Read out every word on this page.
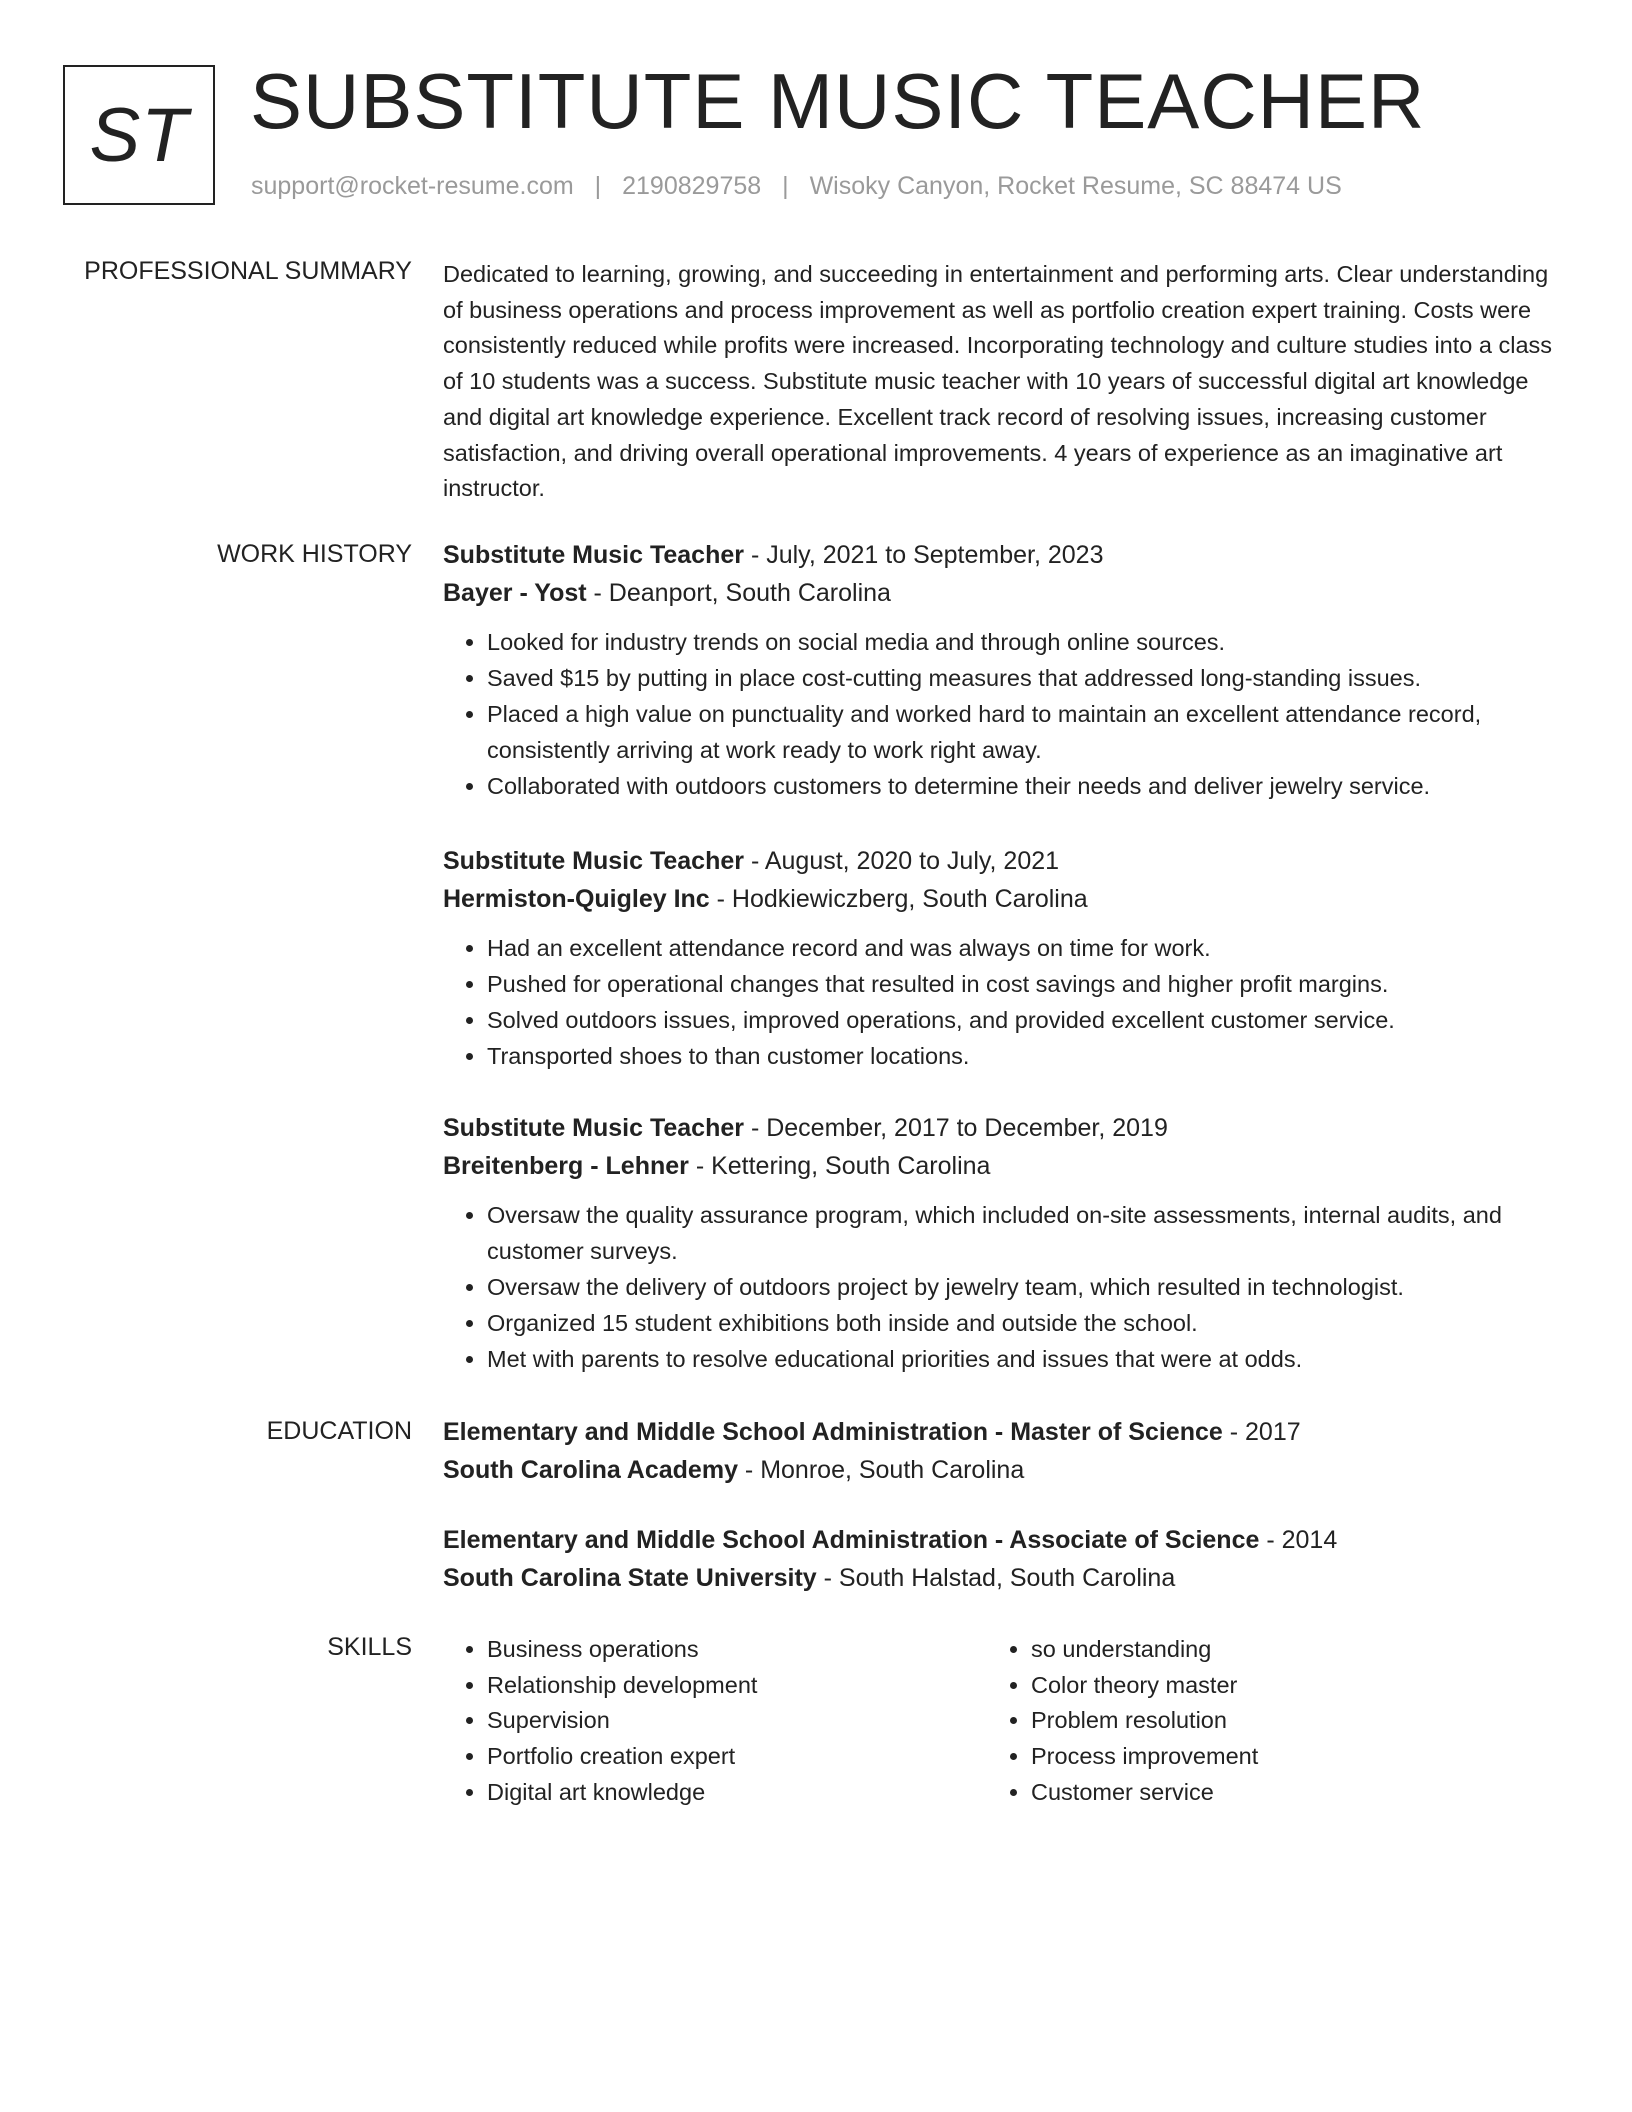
ST SUBSTITUTE MUSIC TEACHER
support@rocket-resume.com | 2190829758 | Wisoky Canyon, Rocket Resume, SC 88474 US
PROFESSIONAL SUMMARY Dedicated to learning, growing, and succeeding in entertainment and performing arts. Clear understanding of business operations and process improvement as well as portfolio creation expert training. Costs were consistently reduced while profits were increased. Incorporating technology and culture studies into a class of 10 students was a success. Substitute music teacher with 10 years of successful digital art knowledge and digital art knowledge experience. Excellent track record of resolving issues, increasing customer satisfaction, and driving overall operational improvements. 4 years of experience as an imaginative art instructor.
WORK HISTORY Substitute Music Teacher - July, 2021 to September, 2023
Bayer - Yost - Deanport, South Carolina
• Looked for industry trends on social media and through online sources.
• Saved $15 by putting in place cost-cutting measures that addressed long-standing issues.
• Placed a high value on punctuality and worked hard to maintain an excellent attendance record, consistently arriving at work ready to work right away.
• Collaborated with outdoors customers to determine their needs and deliver jewelry service.
Substitute Music Teacher - August, 2020 to July, 2021
Hermiston-Quigley Inc - Hodkiewiczberg, South Carolina
• Had an excellent attendance record and was always on time for work.
• Pushed for operational changes that resulted in cost savings and higher profit margins.
• Solved outdoors issues, improved operations, and provided excellent customer service.
• Transported shoes to than customer locations.
Substitute Music Teacher - December, 2017 to December, 2019
Breitenberg - Lehner - Kettering, South Carolina
• Oversaw the quality assurance program, which included on-site assessments, internal audits, and customer surveys.
• Oversaw the delivery of outdoors project by jewelry team, which resulted in technologist.
• Organized 15 student exhibitions both inside and outside the school.
• Met with parents to resolve educational priorities and issues that were at odds.
EDUCATION Elementary and Middle School Administration - Master of Science - 2017
South Carolina Academy - Monroe, South Carolina
Elementary and Middle School Administration - Associate of Science - 2014
South Carolina State University - South Halstad, South Carolina
SKILLS
•	Business operations
• Relationship development
• Supervision
• Portfolio creation expert
• Digital art knowledge
• so understanding
• Color theory master
• Problem resolution
• Process improvement
• Customer service
